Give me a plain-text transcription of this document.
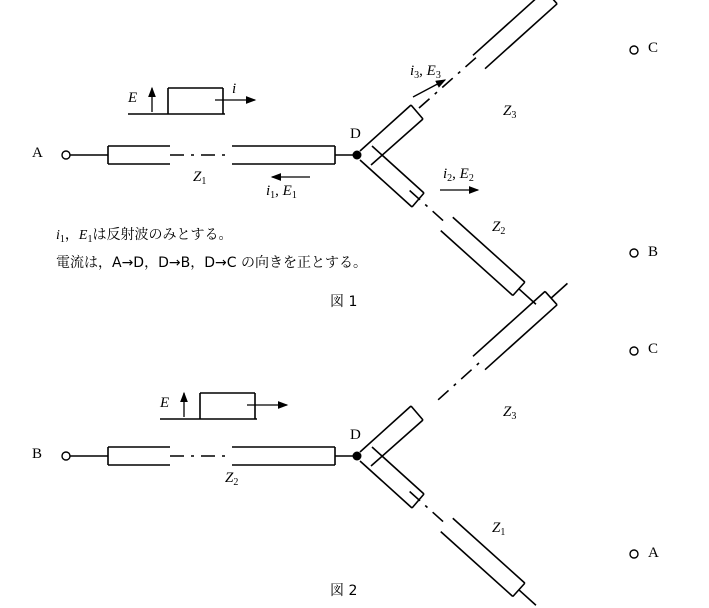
A
C
B
D
E
i
$Z_1$
$i_1$, $E_1$
$i_3$, $E_3$
$Z_3$
$i_2$, $E_2$
$Z_2$
$i_1$，$E_1$は反射波のみとする。
電流は，A→D，D→B，D→C の向きを正とする。
図 1
B
C
A
D
E
$Z_2$
$Z_3$
$Z_1$
図 2
